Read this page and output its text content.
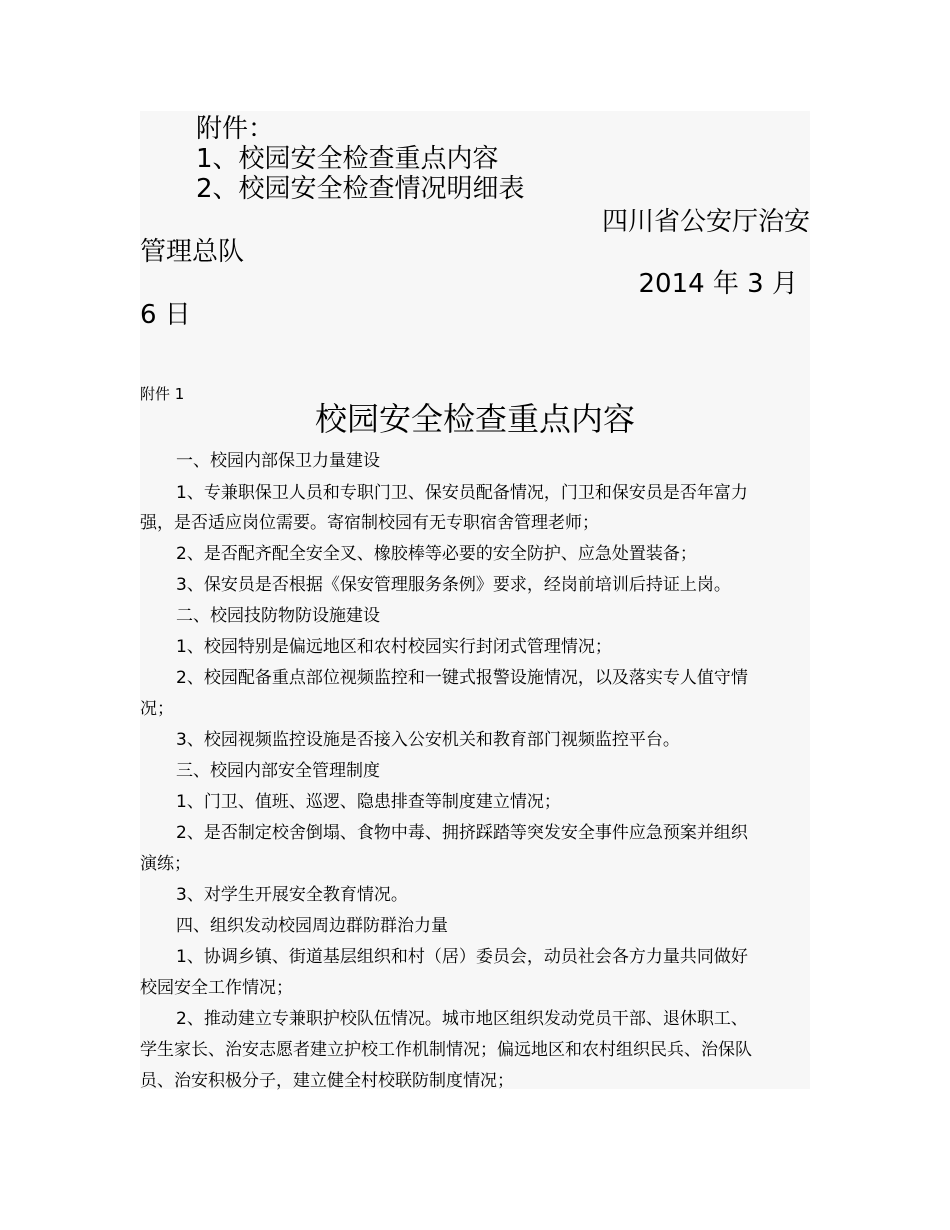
附件：
1、校园安全检查重点内容
2、校园安全检查情况明细表
四川省公安厅治安
管理总队
2014 年 3 月
6 日
附件 1
校园安全检查重点内容
一、校园内部保卫力量建设
1、专兼职保卫人员和专职门卫、保安员配备情况，门卫和保安员是否年富力
强，是否适应岗位需要。寄宿制校园有无专职宿舍管理老师；
2、是否配齐配全安全叉、橡胶棒等必要的安全防护、应急处置装备；
3、保安员是否根据《保安管理服务条例》要求，经岗前培训后持证上岗。
二、校园技防物防设施建设
1、校园特别是偏远地区和农村校园实行封闭式管理情况；
2、校园配备重点部位视频监控和一键式报警设施情况，以及落实专人值守情
况；
3、校园视频监控设施是否接入公安机关和教育部门视频监控平台。
三、校园内部安全管理制度
1、门卫、值班、巡逻、隐患排查等制度建立情况；
2、是否制定校舍倒塌、食物中毒、拥挤踩踏等突发安全事件应急预案并组织
演练；
3、对学生开展安全教育情况。
四、组织发动校园周边群防群治力量
1、协调乡镇、街道基层组织和村（居）委员会，动员社会各方力量共同做好
校园安全工作情况；
2、推动建立专兼职护校队伍情况。城市地区组织发动党员干部、退休职工、
学生家长、治安志愿者建立护校工作机制情况；偏远地区和农村组织民兵、治保队
员、治安积极分子，建立健全村校联防制度情况；
